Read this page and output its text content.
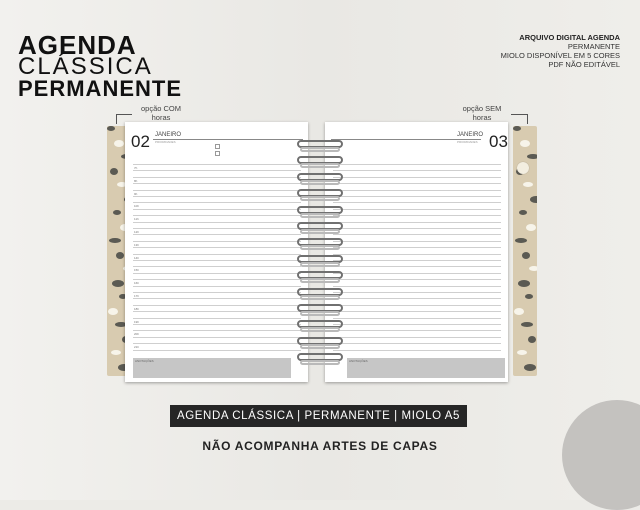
AGENDA
CLÁSSICA
PERMANENTE
ARQUIVO DIGITAL AGENDA
PERMANENTE
MIOLO DISPONÍVEL EM 5 CORES
PDF NÃO EDITÁVEL
opção COM
horas
opção SEM
horas
02 JANEIRO
PRIORIDADES
ANOTAÇÕES
7h
8h
9h
10h
11h
12h
13h
14h
15h
16h
17h
18h
19h
20h
21h
03
JANEIRO
PRIORIDADES
ANOTAÇÕES
AGENDA CLÁSSICA | PERMANENTE | MIOLO A5
NÃO ACOMPANHA ARTES DE CAPAS
